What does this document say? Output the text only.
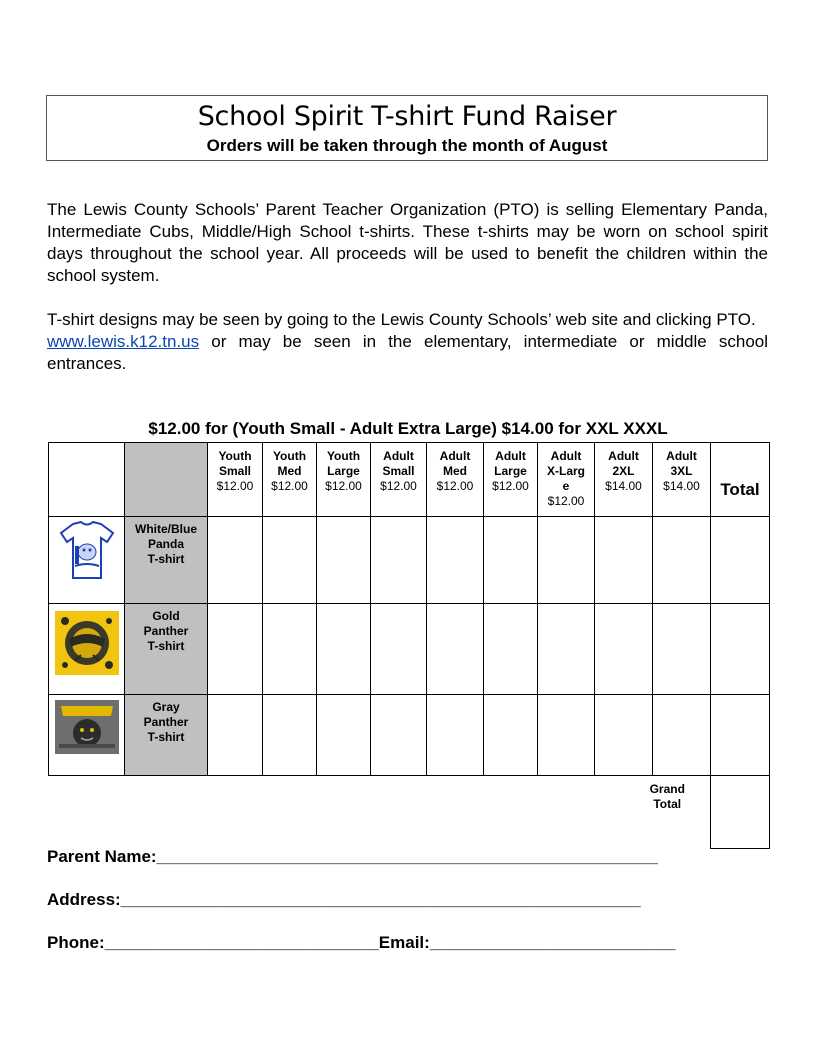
School Spirit T-shirt Fund Raiser
Orders will be taken through the month of August

The Lewis County Schools’ Parent Teacher Organization (PTO) is selling Elementary Panda, Intermediate Cubs, Middle/High School t-shirts. These t-shirts may be worn on school spirit days throughout the school year. All proceeds will be used to benefit the children within the school system.

T-shirt designs may be seen by going to the Lewis County Schools’ web site and clicking PTO.
www.lewis.k12.tn.us or may be seen in the elementary, intermediate or middle school entrances.

$12.00 for (Youth Small - Adult Extra Large) $14.00 for XXL XXXL
		Youth
Small
$12.00	Youth
Med
$12.00	Youth
Large
$12.00	Adult
Small
$12.00	Adult
Med
$12.00	Adult
Large
$12.00	Adult
X-Larg
e
$12.00	Adult
2XL
$14.00	Adult
3XL
$14.00	Total

	White/Blue
Panda
T-shirt										

	Gold
Panther
T-shirt										

	Gray
Panther
T-shirt										
									Grand
Total		
Parent Name:_____________________________________________________
Address:_______________________________________________________
Phone:_____________________________Email:__________________________
